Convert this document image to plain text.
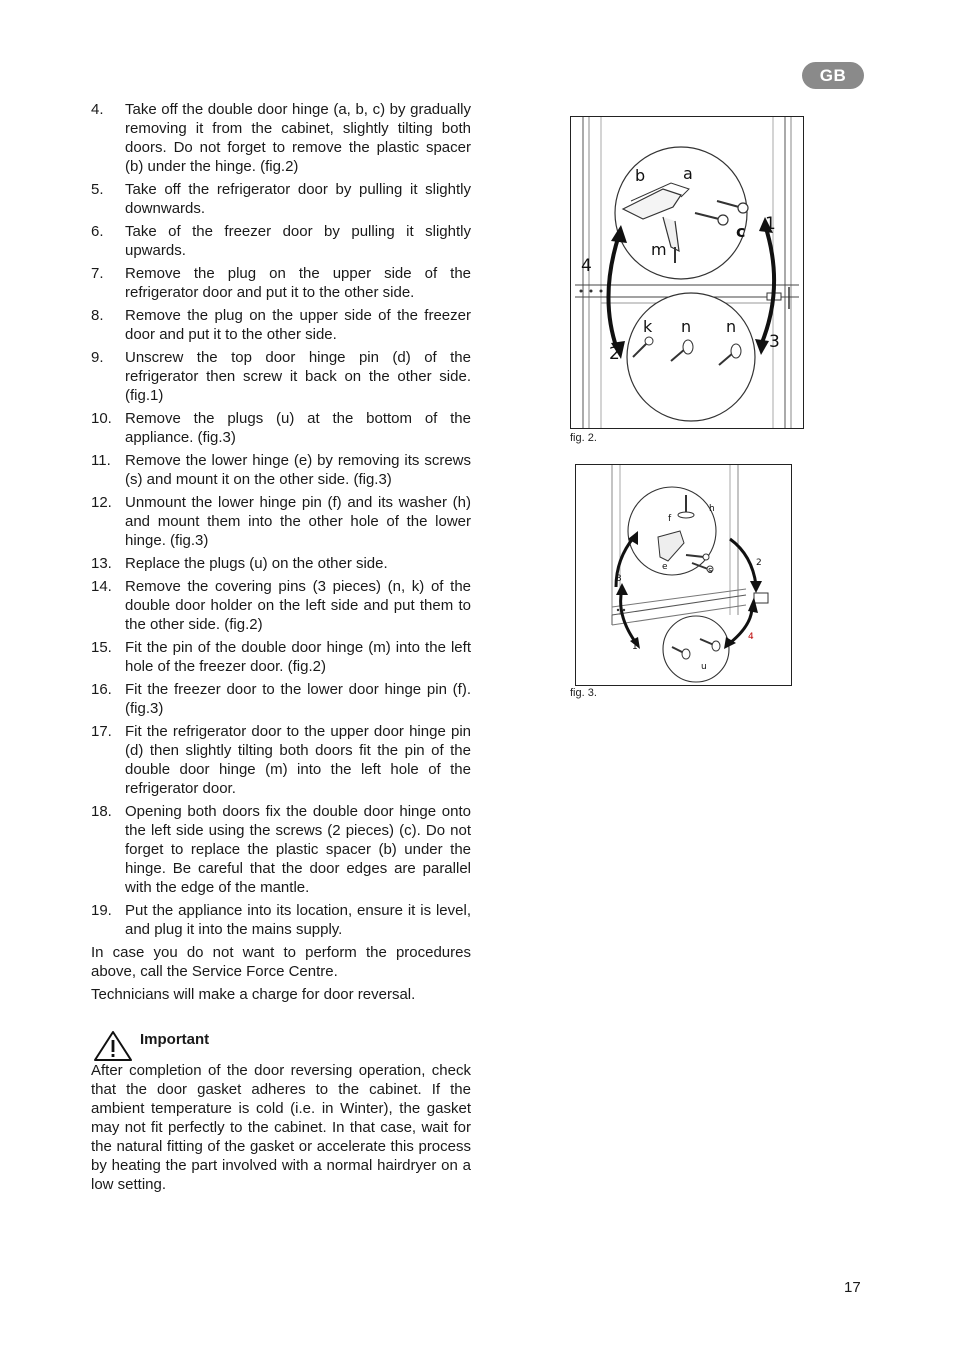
GB
4.	Take off the double door hinge (a, b, c) by gradually removing it from the cabinet, slightly tilting both doors. Do not forget to remove the plastic spacer (b) under the hinge. (fig.2)
5.	Take off the refrigerator door by pulling it slightly downwards.
6.	Take of the freezer door by pulling it slightly upwards.
7.	Remove the plug on the upper side of the refrigerator door and put it to the other side.
8.	Remove the plug on the upper side of the freezer door and put it to the other side.
9.	Unscrew the top door hinge pin (d) of the refrigerator then screw it back on the other side. (fig.1)
10. Remove the plugs (u) at the bottom of the appliance. (fig.3)
11. Remove the lower hinge (e) by removing its screws (s) and mount it on the other side. (fig.3)
12. Unmount the lower hinge pin (f) and its washer (h) and mount them into the other hole of the lower hinge. (fig.3)
13. Replace the plugs (u) on the other side.
14. Remove the covering pins (3 pieces) (n, k) of the double door holder on the left side and put them to the other side. (fig.2)
15. Fit the pin of the double door hinge (m) into the left hole of the freezer door. (fig.2)
16. Fit the freezer door to the lower door hinge pin (f). (fig.3)
17. Fit the refrigerator door to the upper door hinge pin (d) then slightly tilting both doors fit the pin of the double door hinge (m) into the left hole of the refrigerator door.
18. Opening both doors fix the double door hinge onto the left side using the screws (2 pieces) (c). Do not forget to replace the plastic spacer (b) under the hinge. Be careful that the door edges are parallel with the edge of the mantle.
19. Put the appliance into its location, ensure it is level, and plug it into the mains supply.

In case you do not want to perform the procedures above, call the Service Force Centre.

Technicians will make a charge for door reversal.

Important

After completion of the door reversing operation, check that the door gasket adheres to the cabinet. If the ambient temperature is cold (i.e. in Winter), the gasket may not fit perfectly to the cabinet. In that case, wait for the natural fitting of the gasket or accelerate this process by heating the part involved with a normal hairdryer on a low setting.

b a
c
m
k n n
1
2
3
4
fig. 2.
f
h
e	s
u
1
2
3
4
fig. 3.
17
